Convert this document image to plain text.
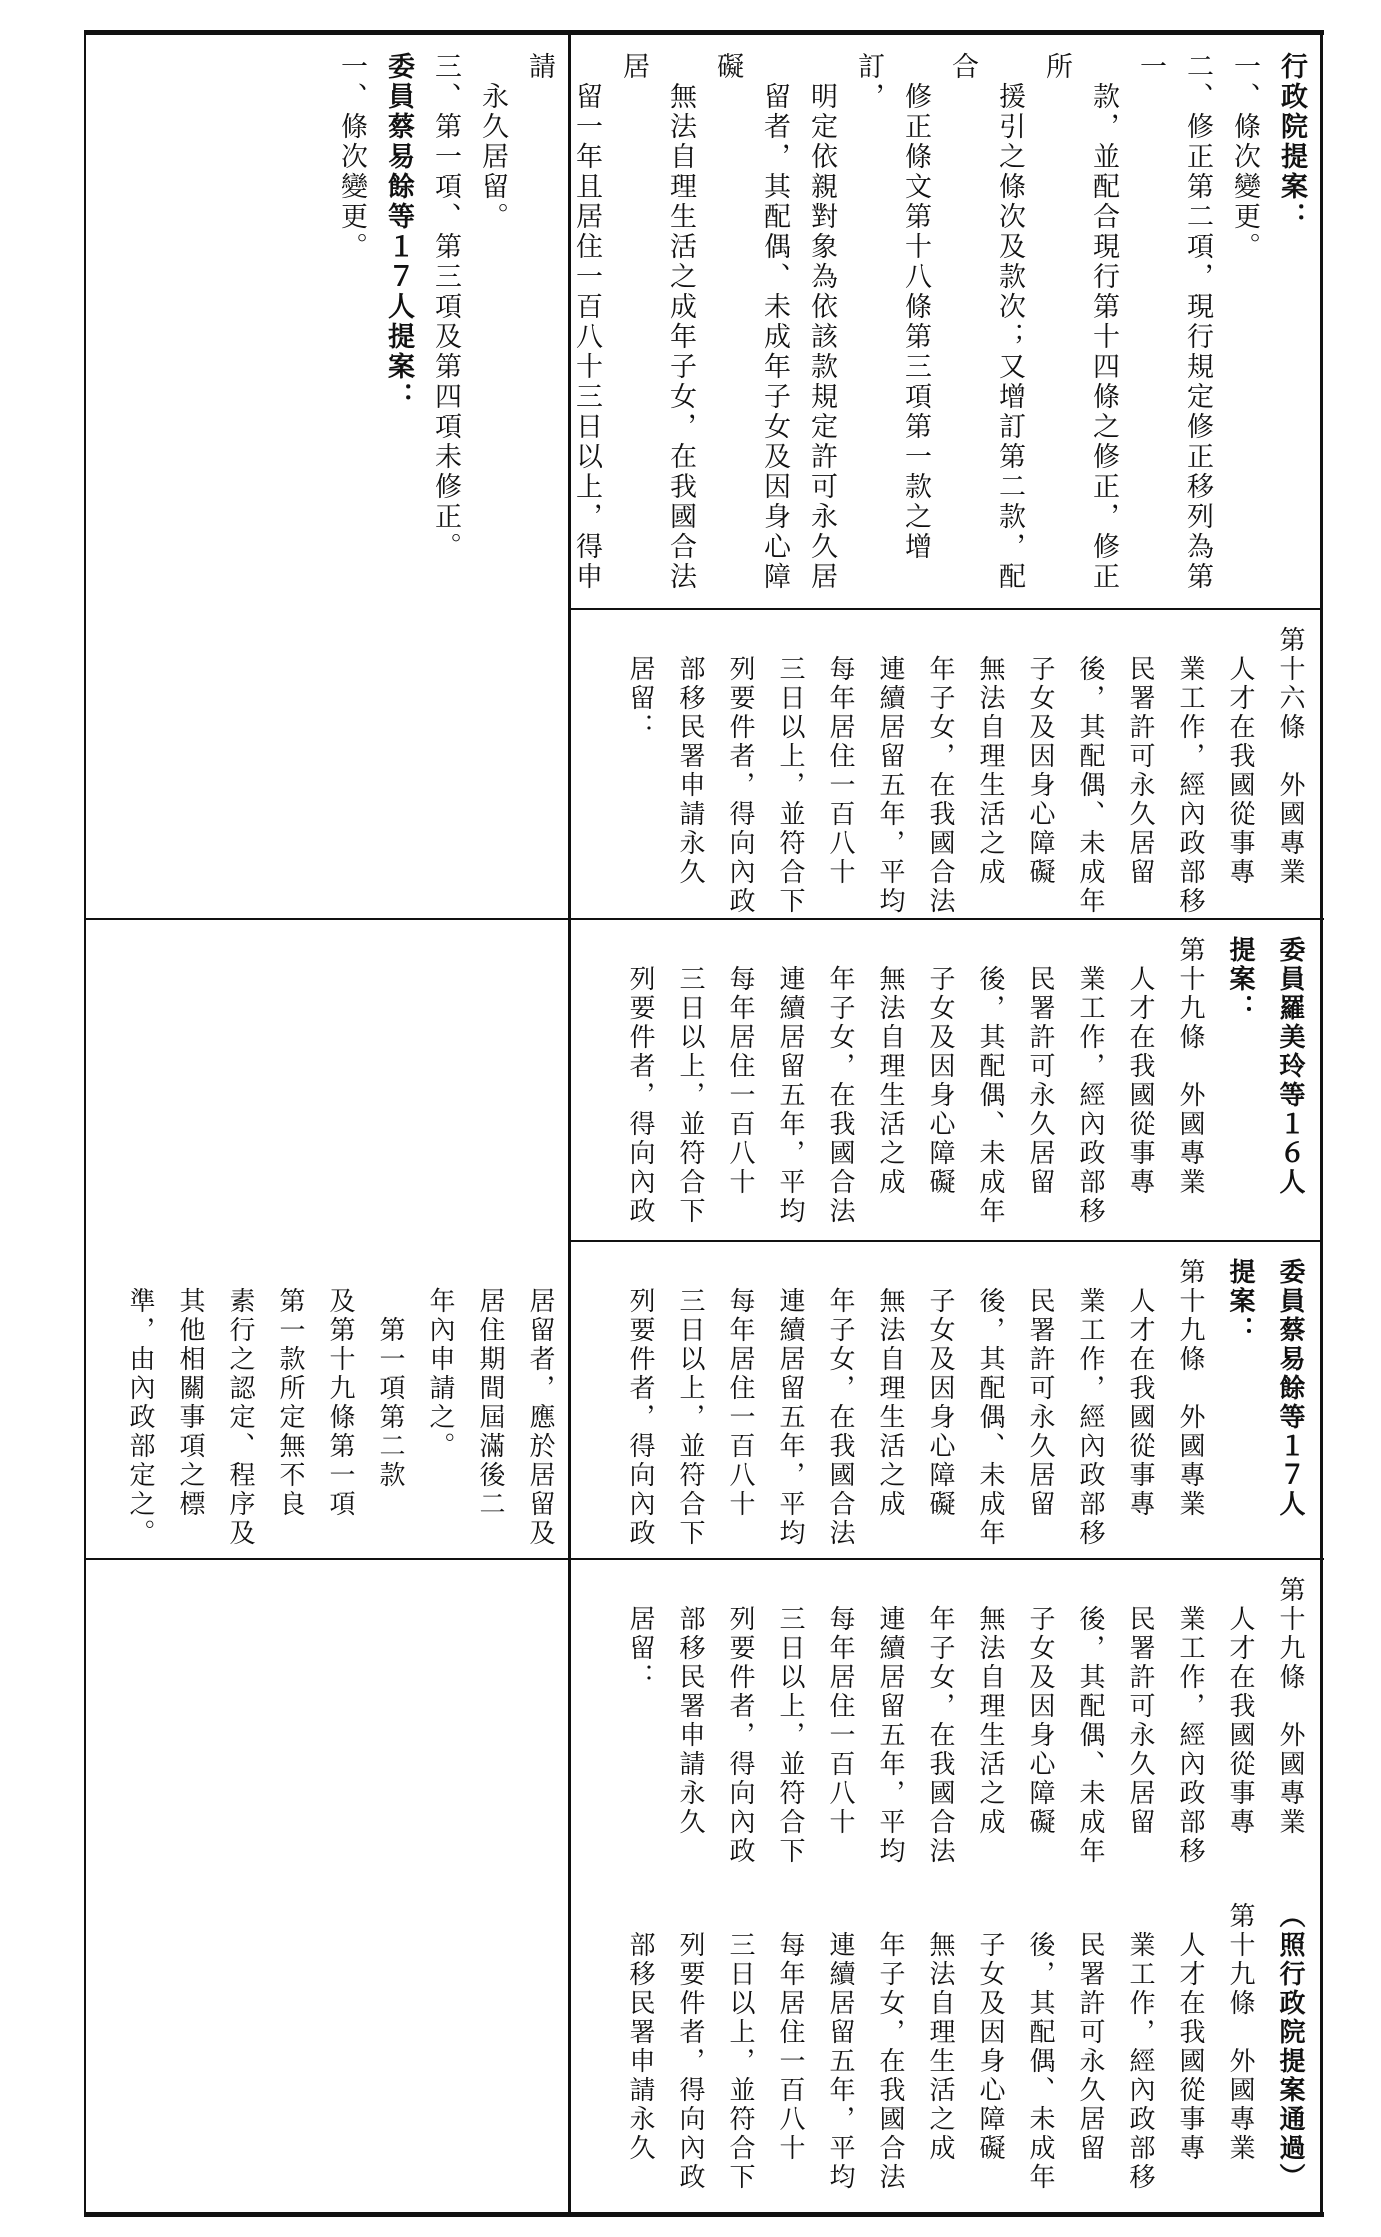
行政院提案：
一、條次變更。
二、修正第二項，現行規定修正移列為第一
　款，並配合現行第十四條之修正，修正所
　援引之條次及款次；又增訂第二款，配合
　修正條文第十八條第三項第一款之增訂，
　明定依親對象為依該款規定許可永久居
　留者，其配偶、未成年子女及因身心障礙
　無法自理生活之成年子女，在我國合法居
　留一年且居住一百八十三日以上，得申請
　永久居留。
三、第一項、第三項及第四項未修正。
委員蔡易餘等１７人提案：
一、條次變更。
第十六條　外國專業
　人才在我國從事專
　業工作，經內政部移
　民署許可永久居留
　後，其配偶、未成年
　子女及因身心障礙
　無法自理生活之成
　年子女，在我國合法
　連續居留五年，平均
　每年居住一百八十
　三日以上，並符合下
　列要件者，得向內政
　部移民署申請永久
　居留：
委員羅美玲等１６人
提案：
第十九條　外國專業
　人才在我國從事專
　業工作，經內政部移
　民署許可永久居留
　後，其配偶、未成年
　子女及因身心障礙
　無法自理生活之成
　年子女，在我國合法
　連續居留五年，平均
　每年居住一百八十
　三日以上，並符合下
　列要件者，得向內政
委員蔡易餘等１７人
提案：
第十九條　外國專業
　人才在我國從事專
　業工作，經內政部移
　民署許可永久居留
　後，其配偶、未成年
　子女及因身心障礙
　無法自理生活之成
　年子女，在我國合法
　連續居留五年，平均
　每年居住一百八十
　三日以上，並符合下
　列要件者，得向內政
　居留者，應於居留及
　居住期間屆滿後二
　年內申請之。
　　第一項第二款
　及第十九條第一項
　第一款所定無不良
　素行之認定、程序及
　其他相關事項之標
　準，由內政部定之。
第十九條　外國專業
　人才在我國從事專
　業工作，經內政部移
　民署許可永久居留
　後，其配偶、未成年
　子女及因身心障礙
　無法自理生活之成
　年子女，在我國合法
　連續居留五年，平均
　每年居住一百八十
　三日以上，並符合下
　列要件者，得向內政
　部移民署申請永久
　居留：
（照行政院提案通過）
第十九條　外國專業
　人才在我國從事專
　業工作，經內政部移
　民署許可永久居留
　後，其配偶、未成年
　子女及因身心障礙
　無法自理生活之成
　年子女，在我國合法
　連續居留五年，平均
　每年居住一百八十
　三日以上，並符合下
　列要件者，得向內政
　部移民署申請永久
